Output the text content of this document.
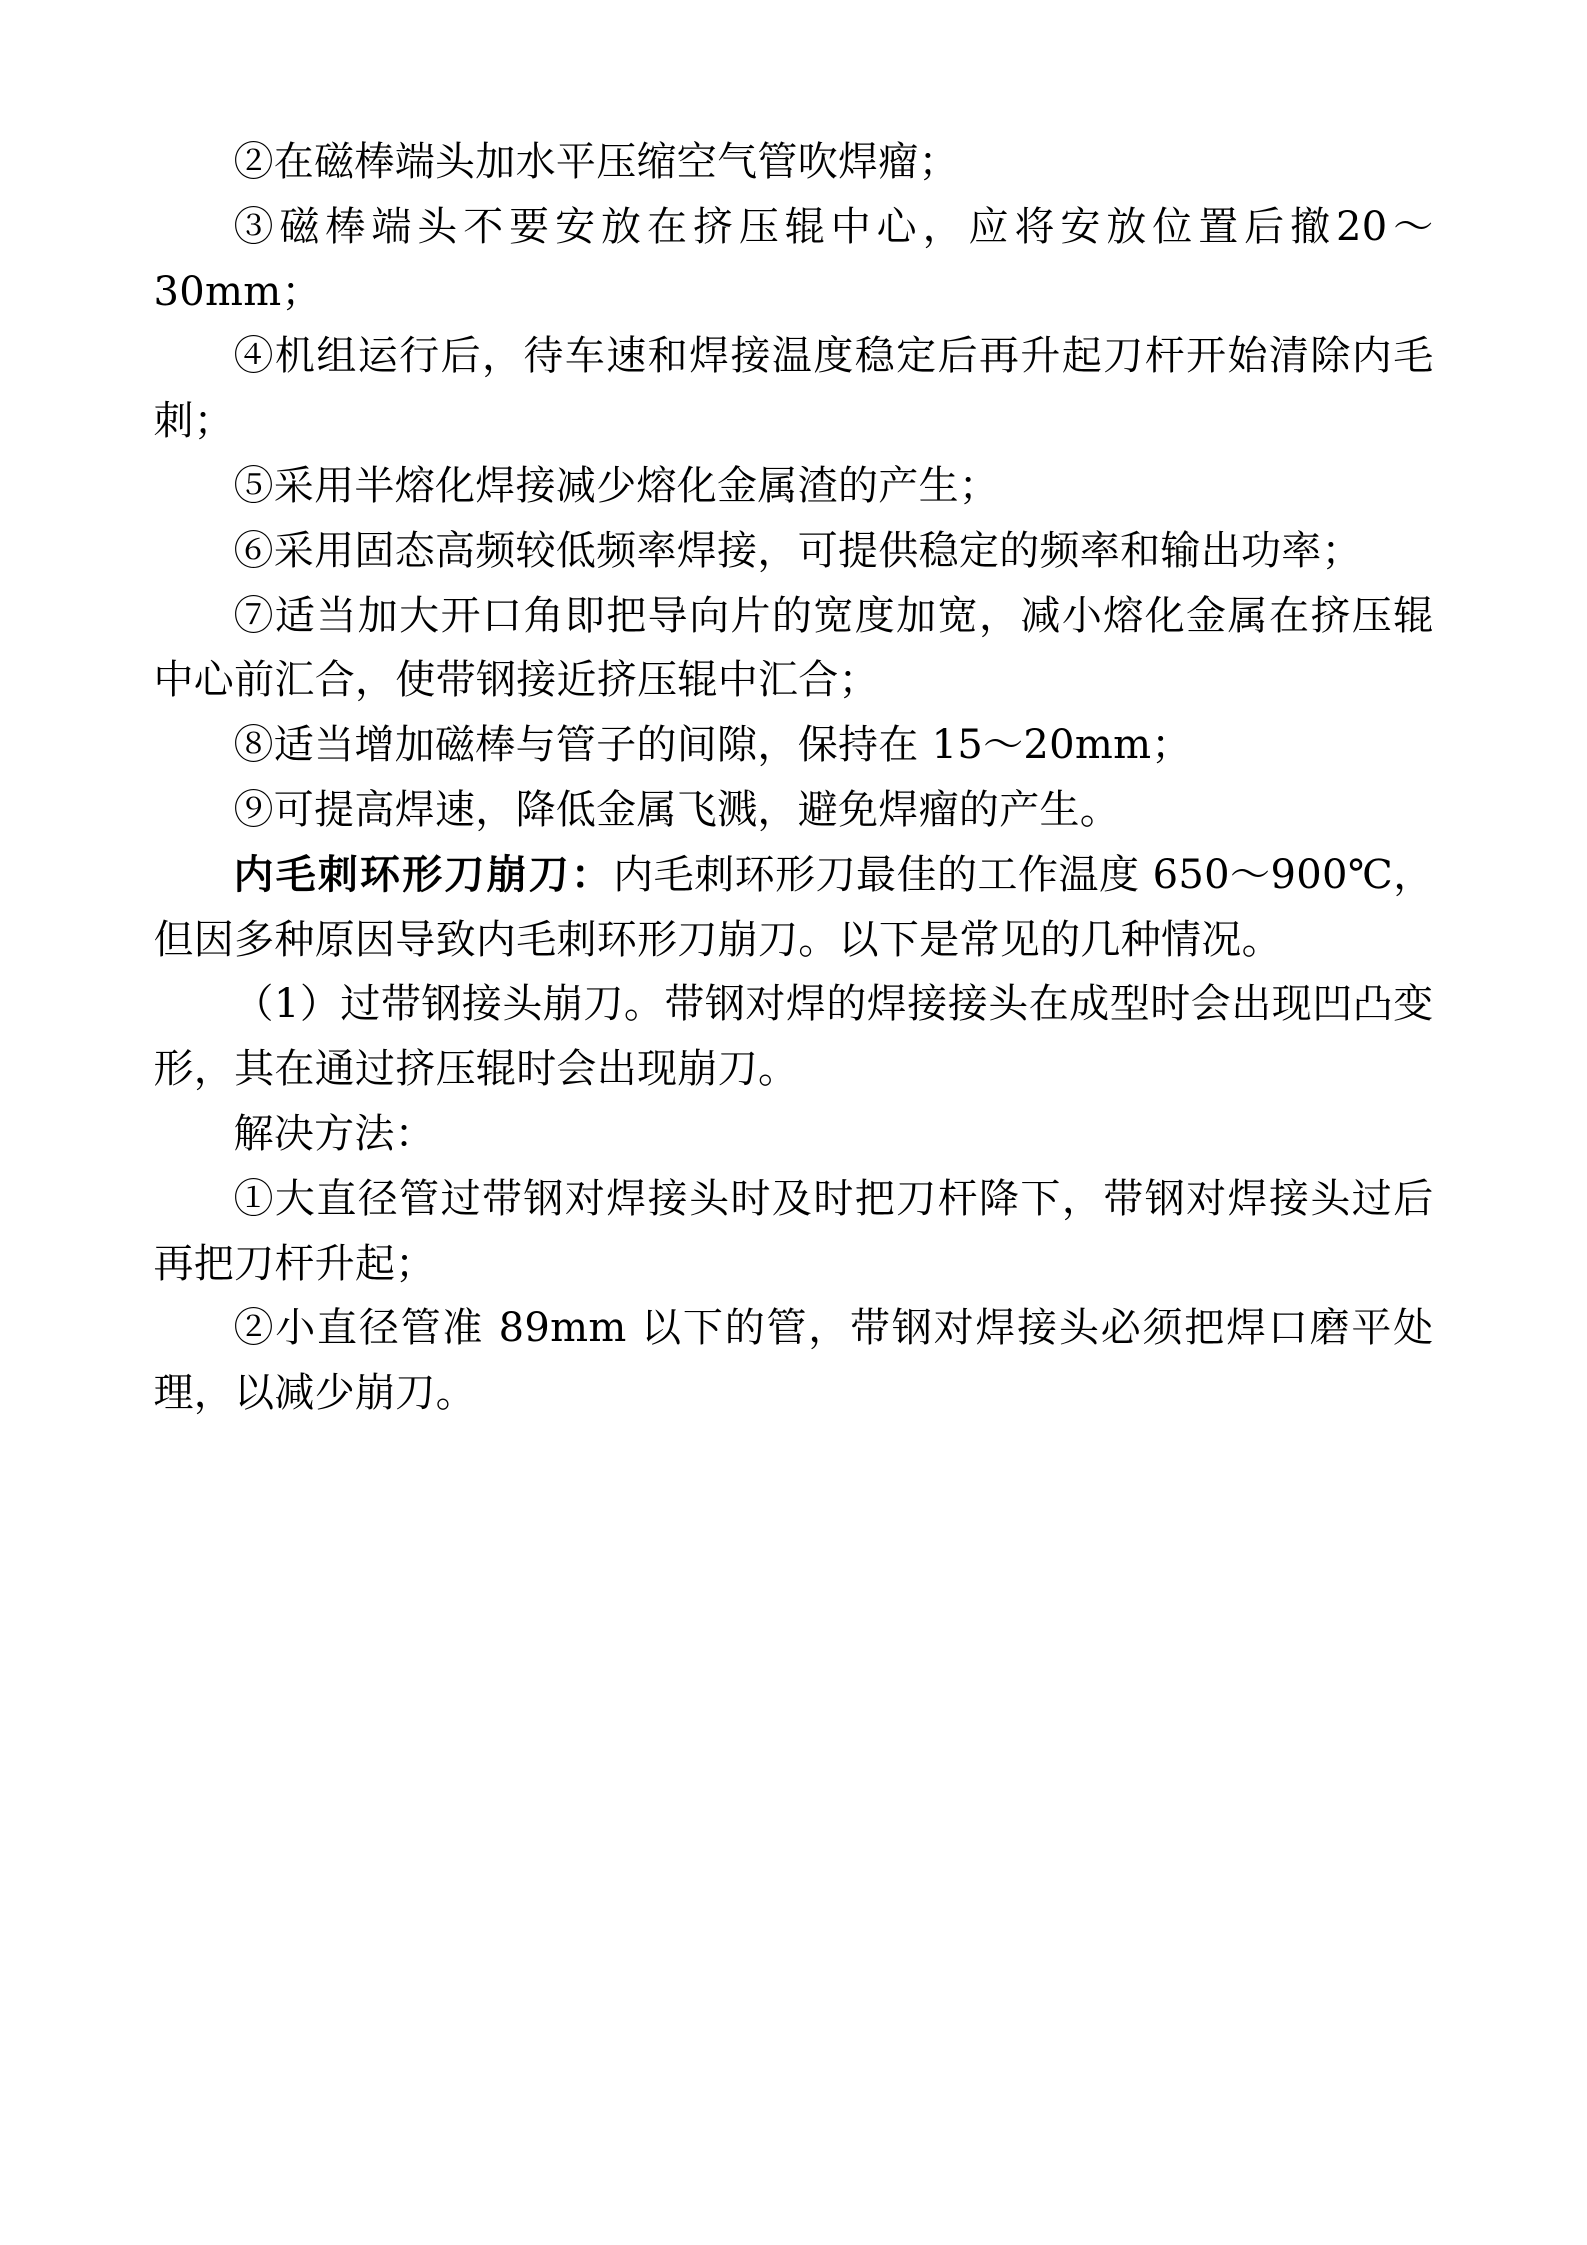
②在磁棒端头加水平压缩空气管吹焊瘤；

③磁棒端头不要安放在挤压辊中心，应将安放位置后撤20～30mm；

④机组运行后，待车速和焊接温度稳定后再升起刀杆开始清除内毛刺；

⑤采用半熔化焊接减少熔化金属渣的产生；

⑥采用固态高频较低频率焊接，可提供稳定的频率和输出功率；

⑦适当加大开口角即把导向片的宽度加宽，减小熔化金属在挤压辊中心前汇合，使带钢接近挤压辊中汇合；

⑧适当增加磁棒与管子的间隙，保持在 15～20mm；

⑨可提高焊速，降低金属飞溅，避免焊瘤的产生。

内毛刺环形刀崩刀：内毛刺环形刀最佳的工作温度 650～900℃，但因多种原因导致内毛刺环形刀崩刀。以下是常见的几种情况。

（1）过带钢接头崩刀。带钢对焊的焊接接头在成型时会出现凹凸变形，其在通过挤压辊时会出现崩刀。

解决方法：

①大直径管过带钢对焊接头时及时把刀杆降下，带钢对焊接头过后再把刀杆升起；

②小直径管准 89mm 以下的管，带钢对焊接头必须把焊口磨平处理，以减少崩刀。
